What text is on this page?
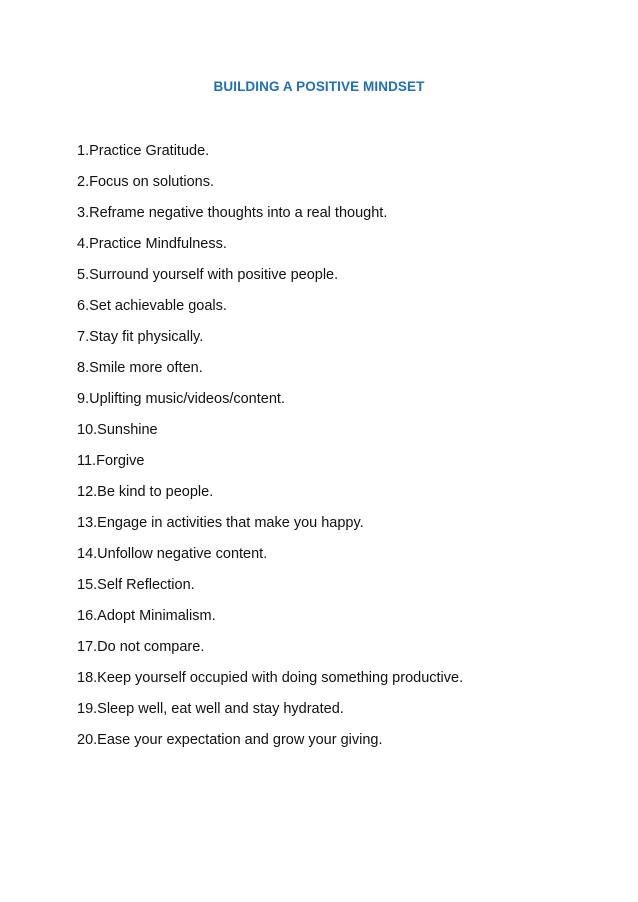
BUILDING A POSITIVE MINDSET
1.Practice Gratitude.
2.Focus on solutions.
3.Reframe negative thoughts into a real thought.
4.Practice Mindfulness.
5.Surround yourself with positive people.
6.Set achievable goals.
7.Stay fit physically.
8.Smile more often.
9.Uplifting music/videos/content.
10.Sunshine
11.Forgive
12.Be kind to people.
13.Engage in activities that make you happy.
14.Unfollow negative content.
15.Self Reflection.
16.Adopt Minimalism.
17.Do not compare.
18.Keep yourself occupied with doing something productive.
19.Sleep well, eat well and stay hydrated.
20.Ease your expectation and grow your giving.
